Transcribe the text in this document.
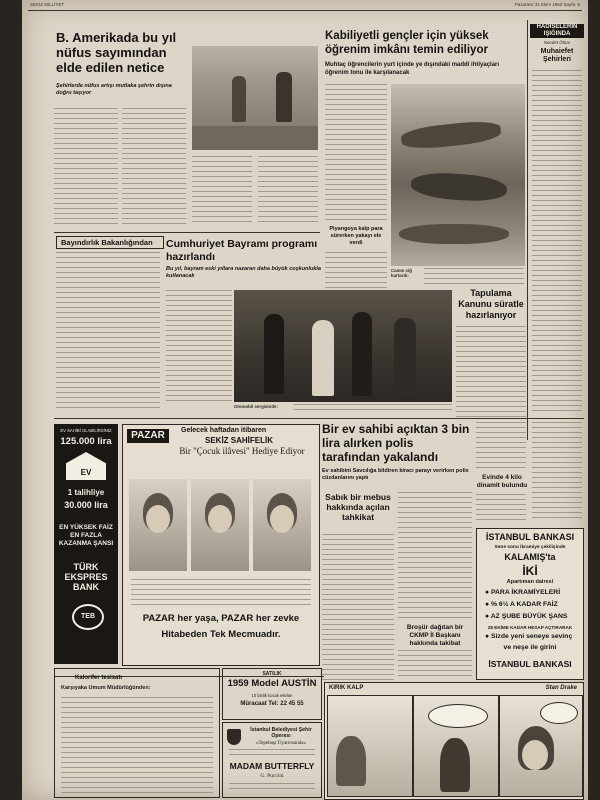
SEKİZ MİLLİYET	Pazartesi 31 Ekim 1960 Sayfa: 5
B. Amerikada bu yıl nüfus sayımından elde edilen netice
Şehirlerde nüfus artışı mutlaka şehrin dışına doğru taşıyor
Kabiliyetli gençler için yüksek öğrenim imkânı temin ediliyor
Muhtaç öğrencilerin yurt içinde ye dışındaki maddî ihtiyaçları öğrenim tonu ile karşılanacak
Piyangoya kalp para sürerken yakayı ele verdi
Canım ciğ kurtardı:
HADİSELERİN IŞIĞINDA
Necdet Ötsar
Muhaiefet Şehirleri
Bayındırlık Bakanlığından	Cumhuriyet Bayramı programı hazırlandı
Bu yıl, bayram eski yıllara nazaran daha büyük coşkunlukla kutlanacak
Otomobil sergisinde:
Tapulama Kanunu süratle hazırlanıyor
EV SAHİBİ OLABİLİRSİNİZ
125.000 lira
EV
1 talihliye
30.000 lira
EN YÜKSEK FAİZ EN FAZLA KAZANMA ŞANSI
TÜRK EKSPRES BANK
TEB
PAZAR	Gelecek haftadan itibaren
SEKİZ SAHİFELİK
Bir "Çocuk ilâvesi" Hediye Ediyor
PAZAR her yaşa, PAZAR her zevke
Hitabeden Tek Mecmuadır.
Bir ev sahibi açıktan 3 bin lira alırken polis tarafından yakalandı
Ev sahibini Savcılığa bildiren kiracı parayı verirken polis cüzdanlarını yaptı
Sabık bir mebus hakkında açılan tahkikat
Broşür dağıtan bir CKMP İl Başkanı hakkında takibat
Evinde 4 kilo dinamit bulundu
İSTANBUL BANKASI
Sene sonu ikramiye çekilişinde
KALAMIŞ'ta
İKİ
Apartıman dairesi
● PARA İKRAMİYELERİ
● % 6½ A KADAR FAİZ
● AZ ŞUBE BÜYÜK ŞANS
28 EKİME KADAR HESAP AÇTIRARAK
● Sizde yeni seneye sevinç
ve neşe ile girini
İSTANBUL BANKASI
Kalorifer tesisatı
Karşıyaka Umum Müdürlüğünden:
SATILIK
1959 Model AUSTİN
10 binlik kocak ekelüe
Müracaat Tel: 22 45 55
İstanbul Belediyesi Şehir Operası
«Tepebaşı Tiyatrosunda»
MADAM BUTTERFLY
G. Puccini
KIRIK KALP	Stan Drake
